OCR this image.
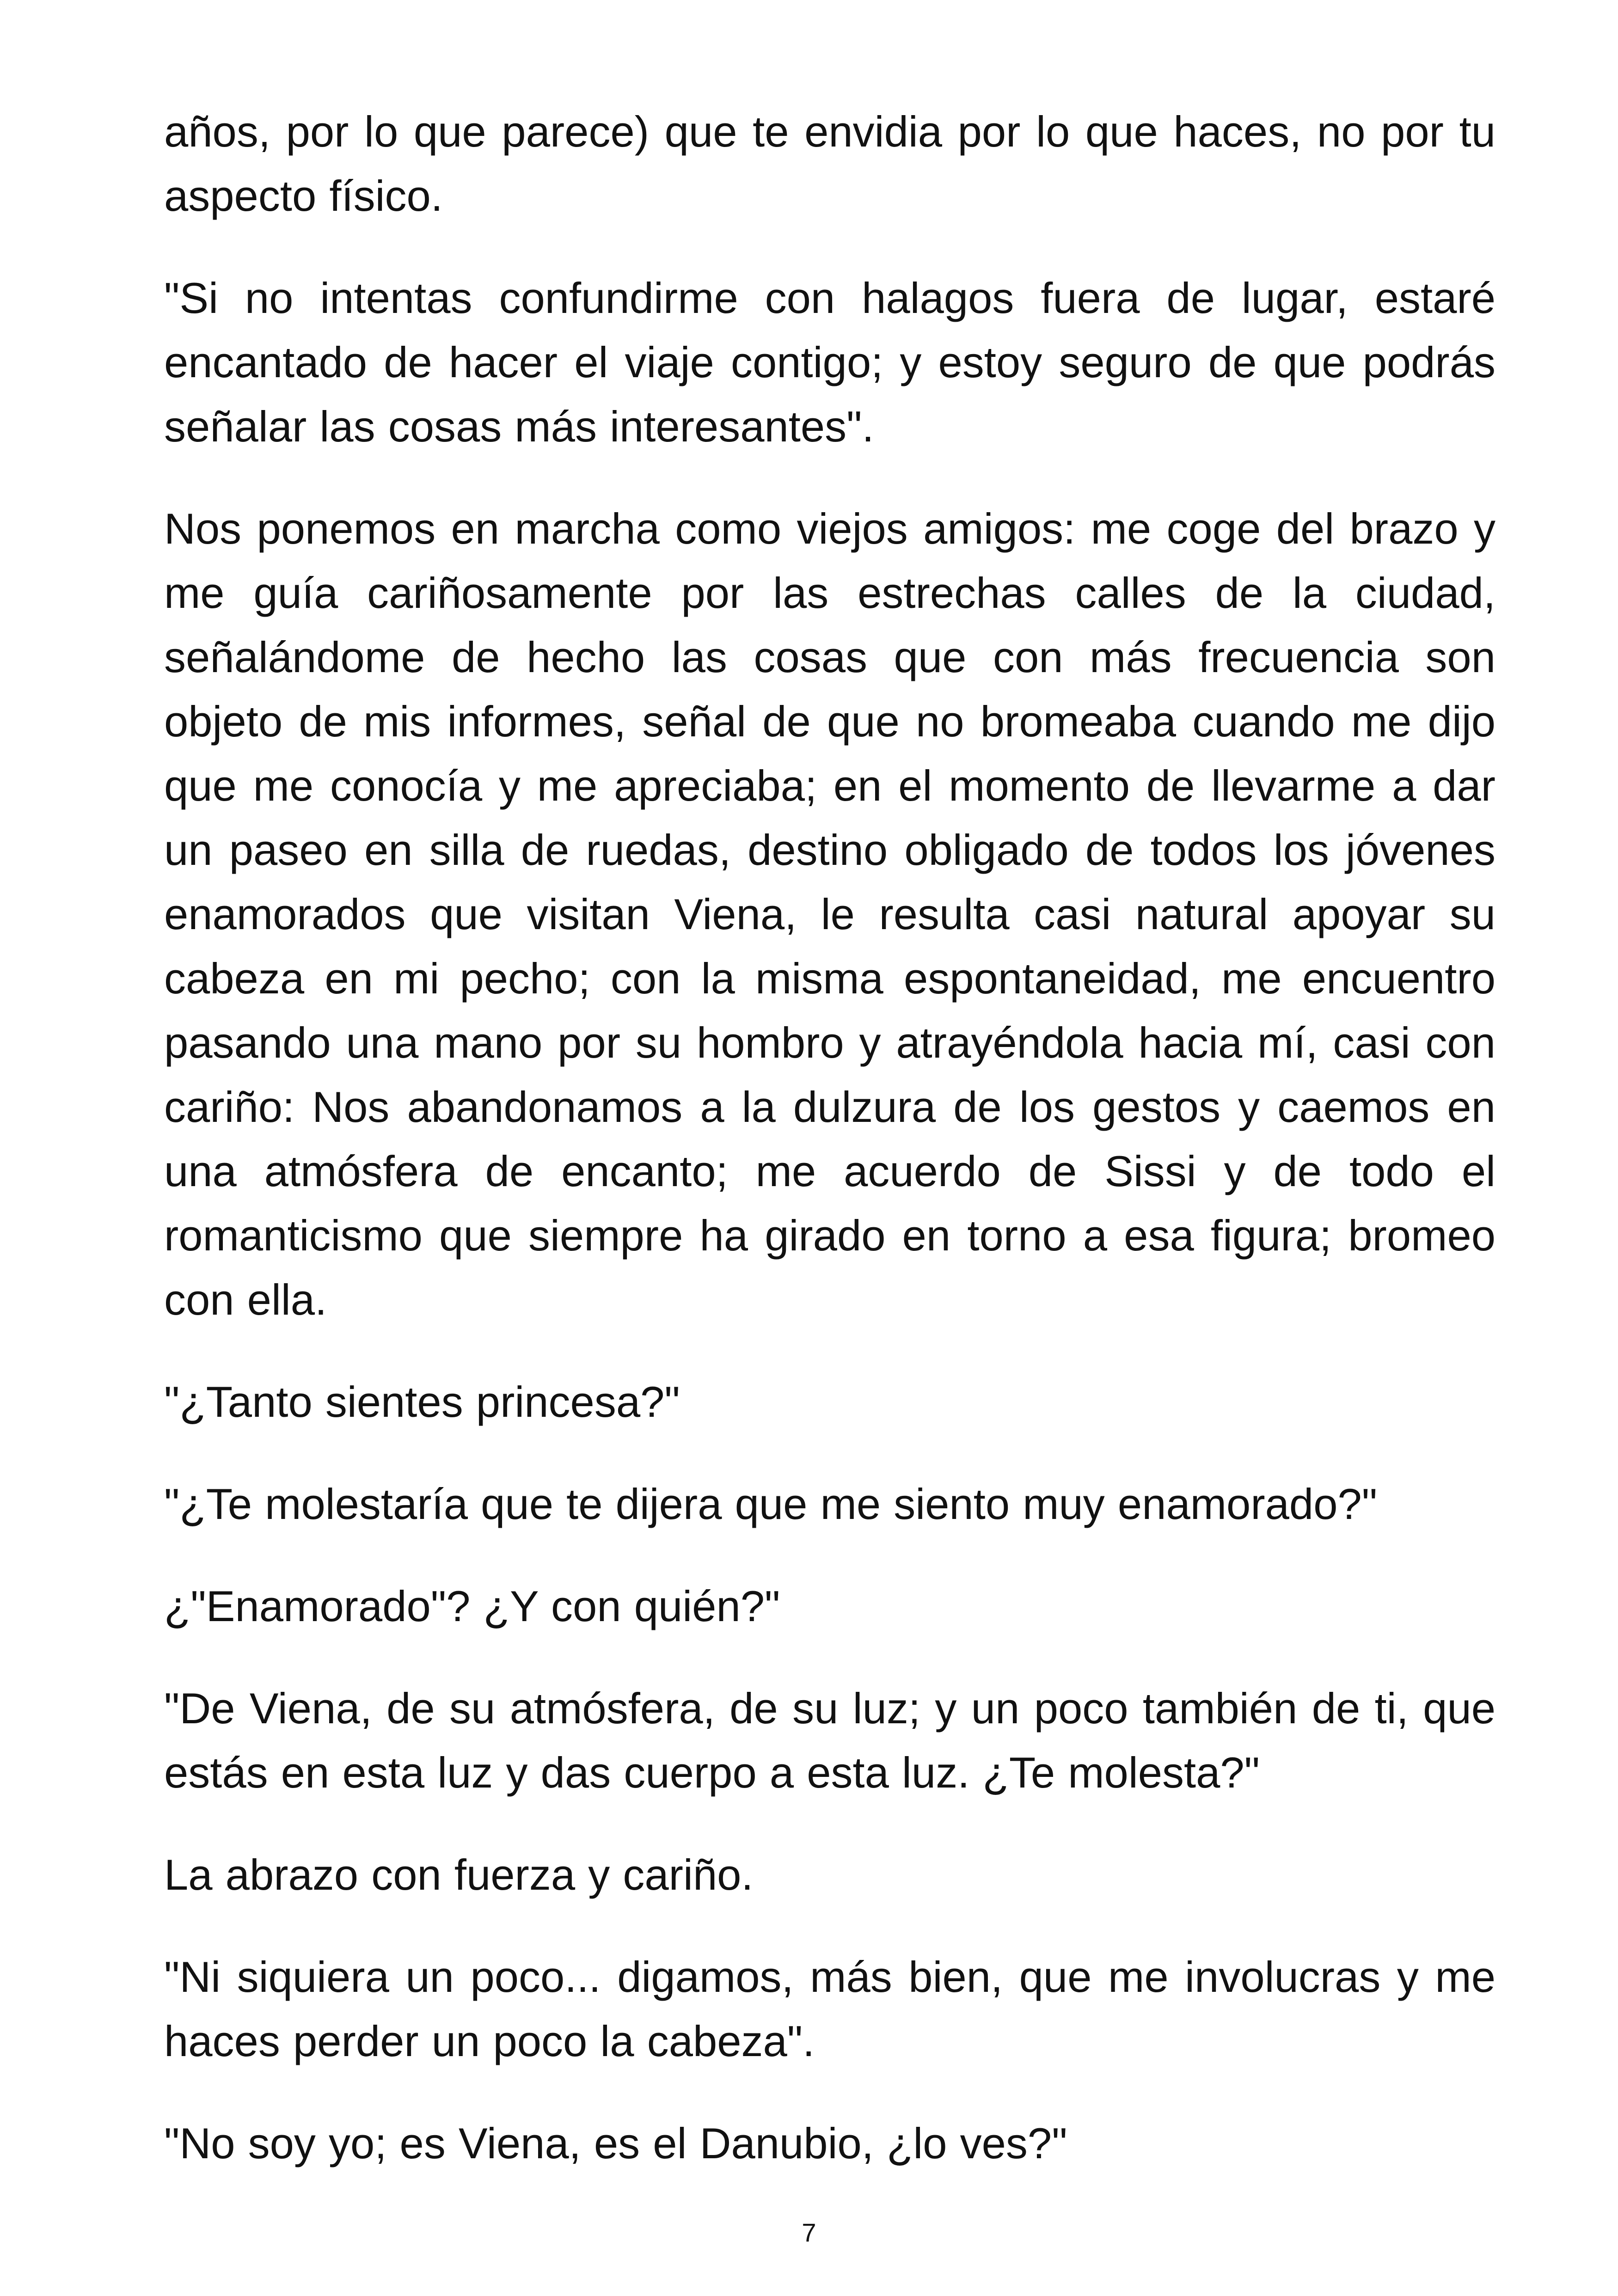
años, por lo que parece) que te envidia por lo que haces, no por tu aspecto físico.

"Si no intentas confundirme con halagos fuera de lugar, estaré encantado de hacer el viaje contigo; y estoy seguro de que podrás señalar las cosas más interesantes".

Nos ponemos en marcha como viejos amigos: me coge del brazo y me guía cariñosamente por las estrechas calles de la ciudad, señalándome de hecho las cosas que con más frecuencia son objeto de mis informes, señal de que no bromeaba cuando me dijo que me conocía y me apreciaba; en el momento de llevarme a dar un paseo en silla de ruedas, destino obligado de todos los jóvenes enamorados que visitan Viena, le resulta casi natural apoyar su cabeza en mi pecho; con la misma espontaneidad, me encuentro pasando una mano por su hombro y atrayéndola hacia mí, casi con cariño: Nos abandonamos a la dulzura de los gestos y caemos en una atmósfera de encanto; me acuerdo de Sissi y de todo el romanticismo que siempre ha girado en torno a esa figura; bromeo con ella.

"¿Tanto sientes princesa?"

"¿Te molestaría que te dijera que me siento muy enamorado?"

¿"Enamorado"? ¿Y con quién?"

"De Viena, de su atmósfera, de su luz; y un poco también de ti, que estás en esta luz y das cuerpo a esta luz. ¿Te molesta?"

La abrazo con fuerza y cariño.

"Ni siquiera un poco... digamos, más bien, que me involucras y me haces perder un poco la cabeza".

"No soy yo; es Viena, es el Danubio, ¿lo ves?"

7
